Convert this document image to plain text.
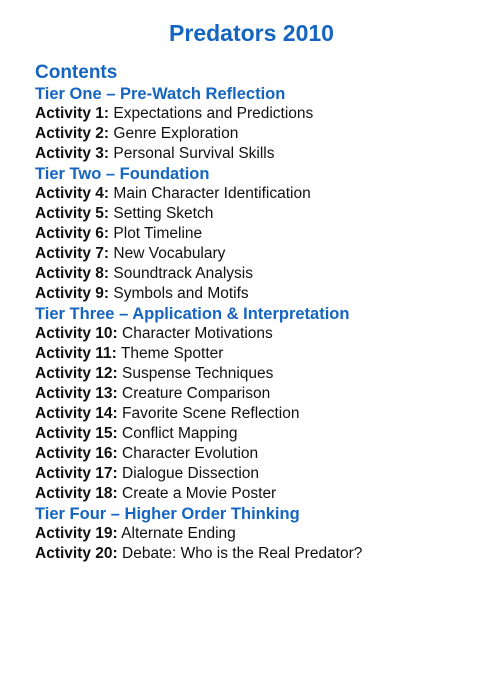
Predators 2010
Contents
Tier One – Pre-Watch Reflection

Activity 1: Expectations and Predictions

Activity 2: Genre Exploration

Activity 3: Personal Survival Skills

Tier Two – Foundation

Activity 4: Main Character Identification

Activity 5: Setting Sketch

Activity 6: Plot Timeline

Activity 7: New Vocabulary

Activity 8: Soundtrack Analysis

Activity 9: Symbols and Motifs

Tier Three – Application & Interpretation

Activity 10: Character Motivations

Activity 11: Theme Spotter

Activity 12: Suspense Techniques

Activity 13: Creature Comparison

Activity 14: Favorite Scene Reflection

Activity 15: Conflict Mapping

Activity 16: Character Evolution

Activity 17: Dialogue Dissection

Activity 18: Create a Movie Poster

Tier Four – Higher Order Thinking

Activity 19: Alternate Ending

Activity 20: Debate: Who is the Real Predator?
